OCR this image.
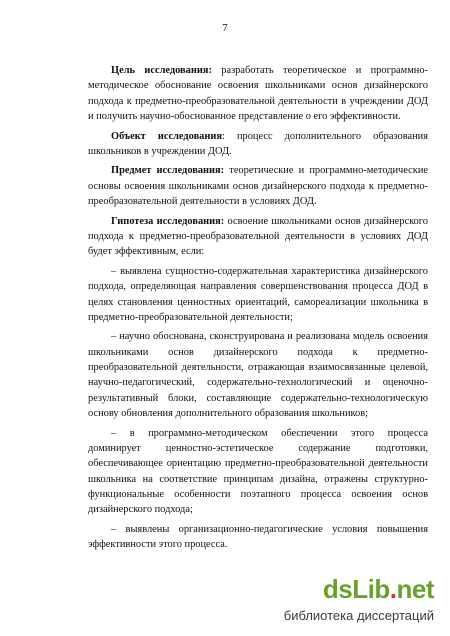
7

Цель исследования: разработать теоретическое и программно-методическое обоснование освоения школьниками основ дизайнерского подхода к предметно-преобразовательной деятельности в учреждении ДОД и получить научно-обоснованное представление о его эффективности.

Объект исследования: процесс дополнительного образования школьников в учреждении ДОД.

Предмет исследования: теоретические и программно-методические основы освоения школьниками основ дизайнерского подхода к предметно-преобразовательной деятельности в условиях ДОД.

Гипотеза исследования: освоение школьниками основ дизайнерского подхода к предметно-преобразовательной деятельности в условиях ДОД будет эффективным, если:

– выявлена сущностно-содержательная характеристика дизайнерского подхода, определяющая направления совершенствования процесса ДОД в целях становления ценностных ориентаций, самореализации школьника в предметно-преобразовательной деятельности;

– научно обоснована, сконструирована и реализована модель освоения школьниками основ дизайнерского подхода к предметно-преобразовательной деятельности, отражающая взаимосвязанные целевой, научно-педагогический, содержательно-технологический и оценочно-результативный блоки, составляющие содержательно-технологическую основу обновления дополнительного образования школьников;

– в программно-методическом обеспечении этого процесса доминирует ценностно-эстетическое содержание подготовки, обеспечивающее ориентацию предметно-преобразовательной деятельности школьника на соответствие принципам дизайна, отражены структурно-функциональные особенности поэтапного процесса освоения основ дизайнерского подхода;

– выявлены организационно-педагогические условия повышения эффективности этого процесса.

dsLib.net
библиотека диссертаций
